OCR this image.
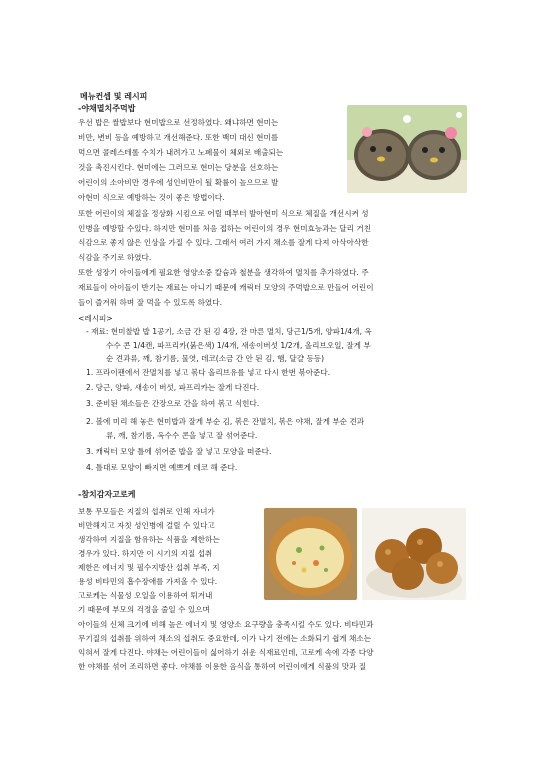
메뉴컨셉 및 레시피
-야채멸치주먹밥
우선 밥은 쌀밥보다 현미밥으로 선정하였다. 왜냐하면 현미는
비만, 변비 등을 예방하고 개선해준다. 또한 백미 대신 현미를
먹으면 콜레스테롤 수치가 내려가고 노폐물이 체외로 배출되는
것을 촉진시킨다. 현미에는 그러므로 현미는 당분을 선호하는
어린이의 소아비만 경우에 성인비만이 될 확률이 높으므로 발
아현미 식으로 예방하는 것이 좋은 방법이다.
또한 어린이의 체질을 정상화 시킴으로 어릴 때부터 발아현미 식으로 체질을 개선시켜 성
인병을 예방할 수있다. 하지만 현미를 처음 접하는 어린이의 경우 현미효능과는 달리 거친
식감으로 좋지 않은 인상을 가질 수 있다. 그래서 여러 가지 채소를 잘게 다져 아삭아삭한
식감을 주기로 하였다.
또한 성장기 아이들에게 필요한 영양소중 칼슘과 철분을 생각하여 멸치를 추가하였다. 주
재료들이 아이들이 반기는 재료는 아니기 때문에 캐릭터 모양의 주먹밥으로 만들어 어린이
들이 즐겨워 하며 잘 먹을 수 있도록 하였다.
<레시피>
- 재료: 현미찰밥 밥 1공기, 소금 간 된 김 4장, 잔 마른 멸치, 당근1/5개, 양파1/4개, 옥
수수 콘 1/4캔, 파프리카(붉은색) 1/4개, 새송이버섯 1/2개, 올리브오일, 잘게 부
순 견과류, 깨, 참기름, 물엿, 데코(소금 간 안 된 김, 햄, 달걀 등등)
1. 프라이팬에서 잔멸치를 넣고 볶다 올리브유를 넣고 다시 한번 볶아준다.
2. 당근, 양파, 새송이 버섯, 파프리카는 잘게 다진다.
3. 준비된 채소들은 간장으로 간을 하여 볶고 식힌다.
2. 볼에 미리 해 놓은 현미밥과 잘게 부순 김, 볶은 잔멸치, 볶은 야채, 잘게 부순 견과
류, 깨, 참기름, 옥수수 콘을 넣고 잘 섞어준다.
3. 캐릭터 모양 틀에 섞어준 밥을 잘 넣고 모양을 떠준다.
4. 틀대로 모양이 빠지면 예쁘게 데코 해 준다.
-참치감자고로케
보통 무모들은 지질의 섭취로 인해 자녀가
비만해지고 자칫 성인병에 걸릴 수 있다고
생각하여 지질을 함유하는 식품을 제한하는
경우가 있다. 하지만 이 시기의 지질 섭취
제한은 에너지 및 필수지방산 섭취 부족, 지
용성 비타민의 흡수장애를 가져올 수 있다.
고로케는 식물성 오일을 이용하여 튀겨내
기 때문에 부모의 걱정을 줄일 수 있으며
아이들의 신체 크기에 비해 높은 에너지 및 영양소 요구량을 충족시킬 수도 있다. 비타민과
무기질의 섭취를 위하여 채소의 섭취도 중요한데, 이가 나기 전에는 소화되기 쉽게 채소는
익혀서 잘게 다진다. 야채는 어린이들이 싫어하기 쉬운 식재료인데, 고로케 속에 각종 다양
한 야채를 섞어 조리하면 좋다. 야채를 이용한 음식을 통하여 어린이에게 식품의 맛과 질
